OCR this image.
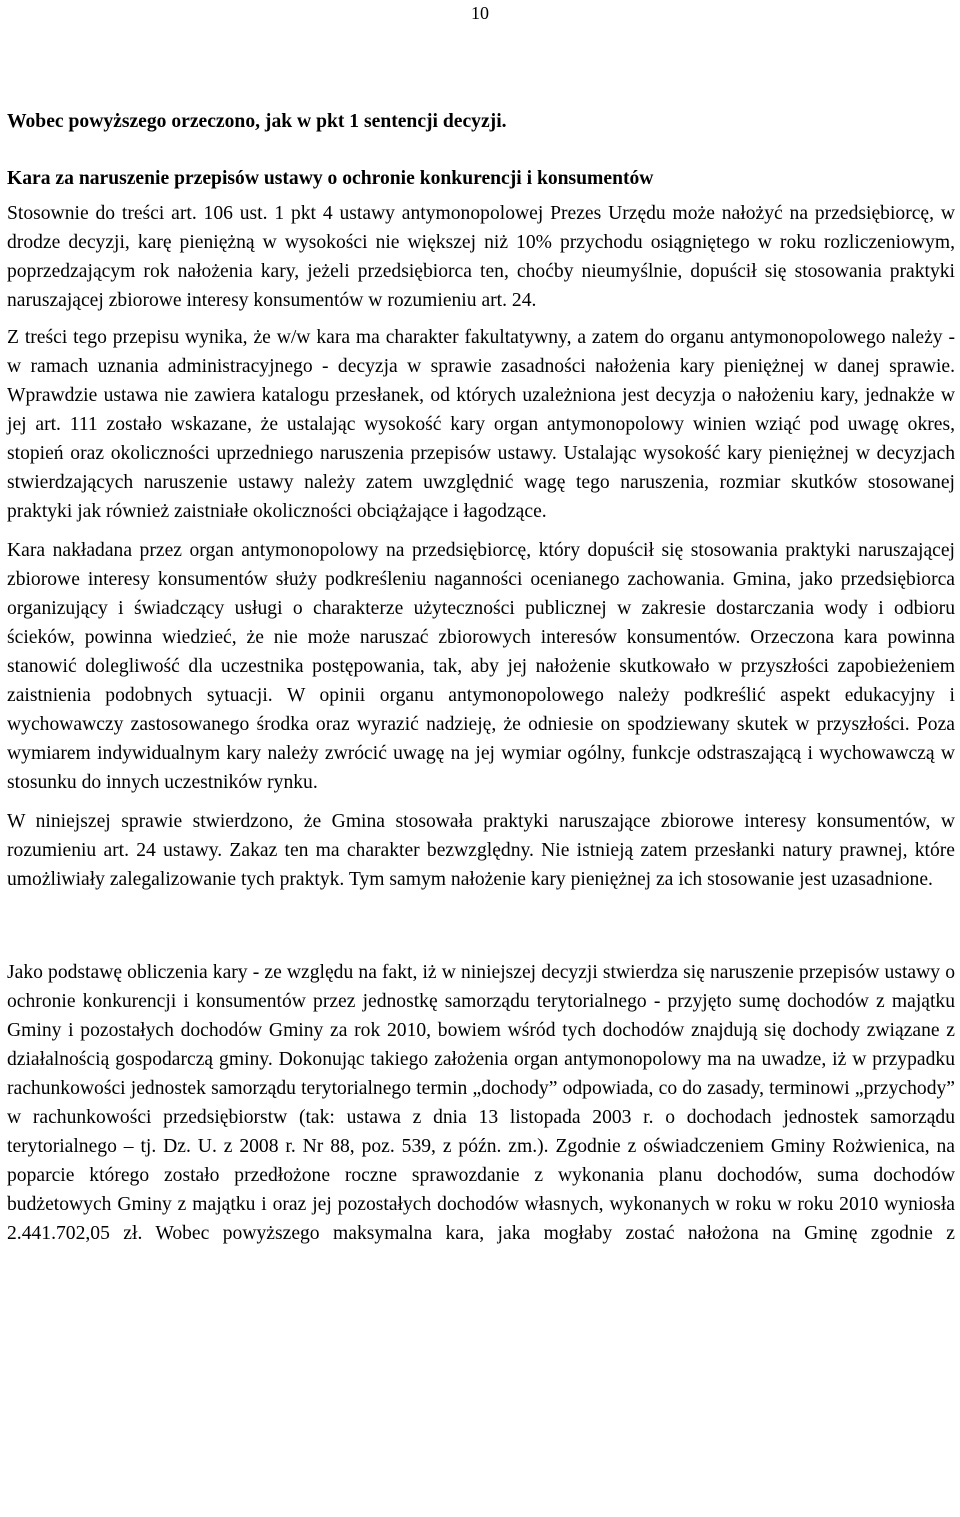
10

Wobec powyższego orzeczono, jak w pkt 1 sentencji decyzji.

Kara za naruszenie przepisów ustawy o ochronie konkurencji i konsumentów

Stosownie do treści art. 106 ust. 1 pkt 4 ustawy antymonopolowej Prezes Urzędu może nałożyć na przedsiębiorcę, w drodze decyzji, karę pieniężną w wysokości nie większej niż 10% przychodu osiągniętego w roku rozliczeniowym, poprzedzającym rok nałożenia kary, jeżeli przedsiębiorca ten, choćby nieumyślnie, dopuścił się stosowania praktyki naruszającej zbiorowe interesy konsumentów w rozumieniu art. 24.

Z treści tego przepisu wynika, że w/w kara ma charakter fakultatywny, a zatem do organu antymonopolowego należy - w ramach uznania administracyjnego - decyzja w sprawie zasadności nałożenia kary pieniężnej w danej sprawie. Wprawdzie ustawa nie zawiera katalogu przesłanek, od których uzależniona jest decyzja o nałożeniu kary, jednakże w jej art. 111 zostało wskazane, że ustalając wysokość kary organ antymonopolowy winien wziąć pod uwagę okres, stopień oraz okoliczności uprzedniego naruszenia przepisów ustawy. Ustalając wysokość kary pieniężnej w decyzjach stwierdzających naruszenie ustawy należy zatem uwzględnić wagę tego naruszenia, rozmiar skutków stosowanej praktyki jak również zaistniałe okoliczności obciążające i łagodzące.

Kara nakładana przez organ antymonopolowy na przedsiębiorcę, który dopuścił się stosowania praktyki naruszającej zbiorowe interesy konsumentów służy podkreśleniu naganności ocenianego zachowania. Gmina, jako przedsiębiorca organizujący i świadczący usługi o charakterze użyteczności publicznej w zakresie dostarczania wody i odbioru ścieków, powinna wiedzieć, że nie może naruszać zbiorowych interesów konsumentów. Orzeczona kara powinna stanowić dolegliwość dla uczestnika postępowania, tak, aby jej nałożenie skutkowało w przyszłości zapobieżeniem zaistnienia podobnych sytuacji. W opinii organu antymonopolowego należy podkreślić aspekt edukacyjny i wychowawczy zastosowanego środka oraz wyrazić nadzieję, że odniesie on spodziewany skutek w przyszłości. Poza wymiarem indywidualnym kary należy zwrócić uwagę na jej wymiar ogólny, funkcje odstraszającą i wychowawczą w stosunku do innych uczestników rynku.

W niniejszej sprawie stwierdzono, że Gmina stosowała praktyki naruszające zbiorowe interesy konsumentów, w rozumieniu art. 24 ustawy. Zakaz ten ma charakter bezwzględny. Nie istnieją zatem przesłanki natury prawnej, które umożliwiały zalegalizowanie tych praktyk. Tym samym nałożenie kary pieniężnej za ich stosowanie jest uzasadnione.

Jako podstawę obliczenia kary - ze względu na fakt, iż w niniejszej decyzji stwierdza się naruszenie przepisów ustawy o ochronie konkurencji i konsumentów przez jednostkę samorządu terytorialnego - przyjęto sumę dochodów z majątku Gminy i pozostałych dochodów Gminy za rok 2010, bowiem wśród tych dochodów znajdują się dochody związane z działalnością gospodarczą gminy. Dokonując takiego założenia organ antymonopolowy ma na uwadze, iż w przypadku rachunkowości jednostek samorządu terytorialnego termin „dochody” odpowiada, co do zasady, terminowi „przychody” w rachunkowości przedsiębiorstw (tak: ustawa z dnia 13 listopada 2003 r. o dochodach jednostek samorządu terytorialnego – tj. Dz. U. z 2008 r. Nr 88, poz. 539, z późn. zm.). Zgodnie z oświadczeniem Gminy Rożwienica, na poparcie którego zostało przedłożone roczne sprawozdanie z wykonania planu dochodów, suma dochodów budżetowych Gminy z majątku i oraz jej pozostałych dochodów własnych, wykonanych w roku w roku 2010 wyniosła 2.441.702,05 zł. Wobec powyższego maksymalna kara, jaka mogłaby zostać nałożona na Gminę zgodnie z
